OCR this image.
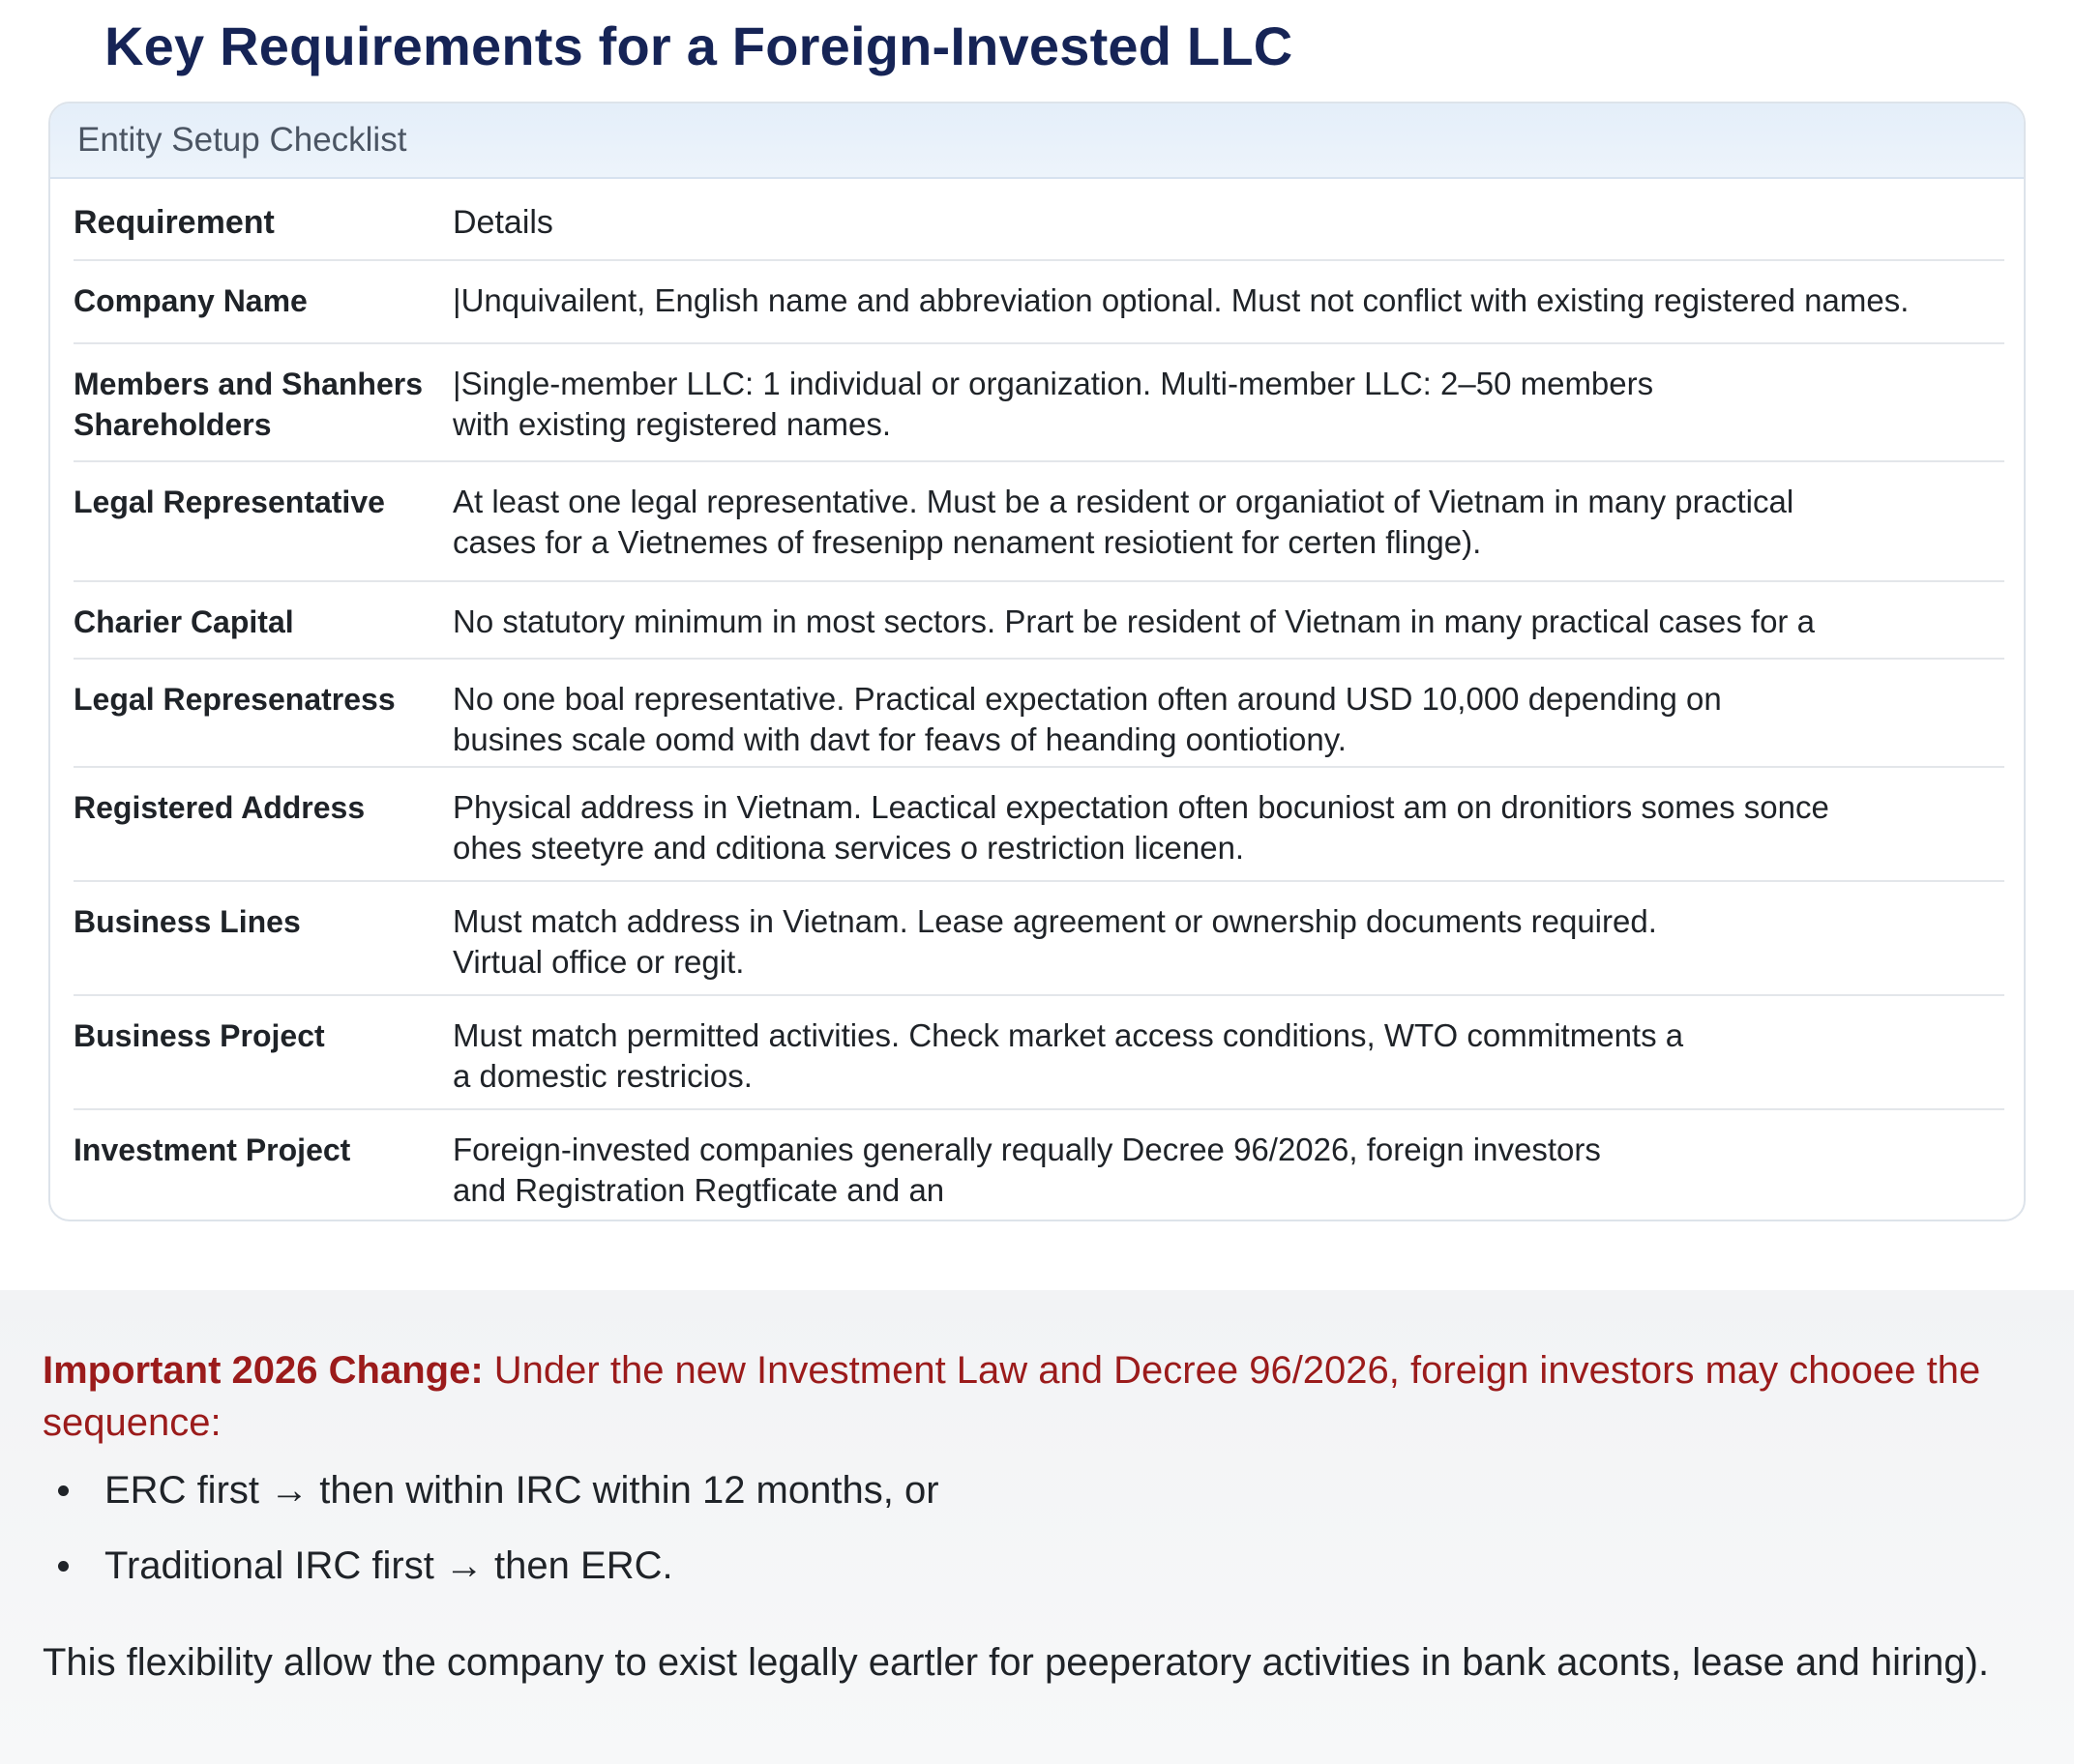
Key Requirements for a Foreign-Invested LLC
Entity Setup Checklist
Requirement	Details

Company Name	|Unquivailent, English name and abbreviation optional. Must not conflict with existing registered names.

Members and Shanhers Shareholders	|Single-member LLC: 1 individual or organization. Multi-member LLC: 2–50 members
with existing registered names.

Legal Representative	At least one legal representative. Must be a resident or organiatiot of Vietnam in many practical
cases for a Vietnemes of fresenipp nenament resiotient for certen flinge).

Charier Capital	No statutory minimum in most sectors. Prart be resident of Vietnam in many practical cases for a

Legal Represenatress	No one boal representative. Practical expectation often around USD 10,000 depending on
busines scale oomd with davt for feavs of heanding oontiotiony.

Registered Address	Physical address in Vietnam. Leactical expectation often bocuniost am on dronitiors somes sonce
ohes steetyre and cditiona services o restriction licenen.

Business Lines	Must match address in Vietnam. Lease agreement or ownership documents required.
Virtual office or regit.

Business Project	Must match permitted activities. Check market access conditions, WTO commitments a
a domestic restricios.

Investment Project	Foreign-invested companies generally requally Decree 96/2026, foreign investors
and Registration Regtficate and an

Important 2026 Change: Under the new Investment Law and Decree 96/2026, foreign investors may chooee the sequence:

ERC first → then within IRC within 12 months, or
Traditional IRC first → then ERC.

This flexibility allow the company to exist legally eartler for peeperatory activities in bank aconts, lease and hiring).
